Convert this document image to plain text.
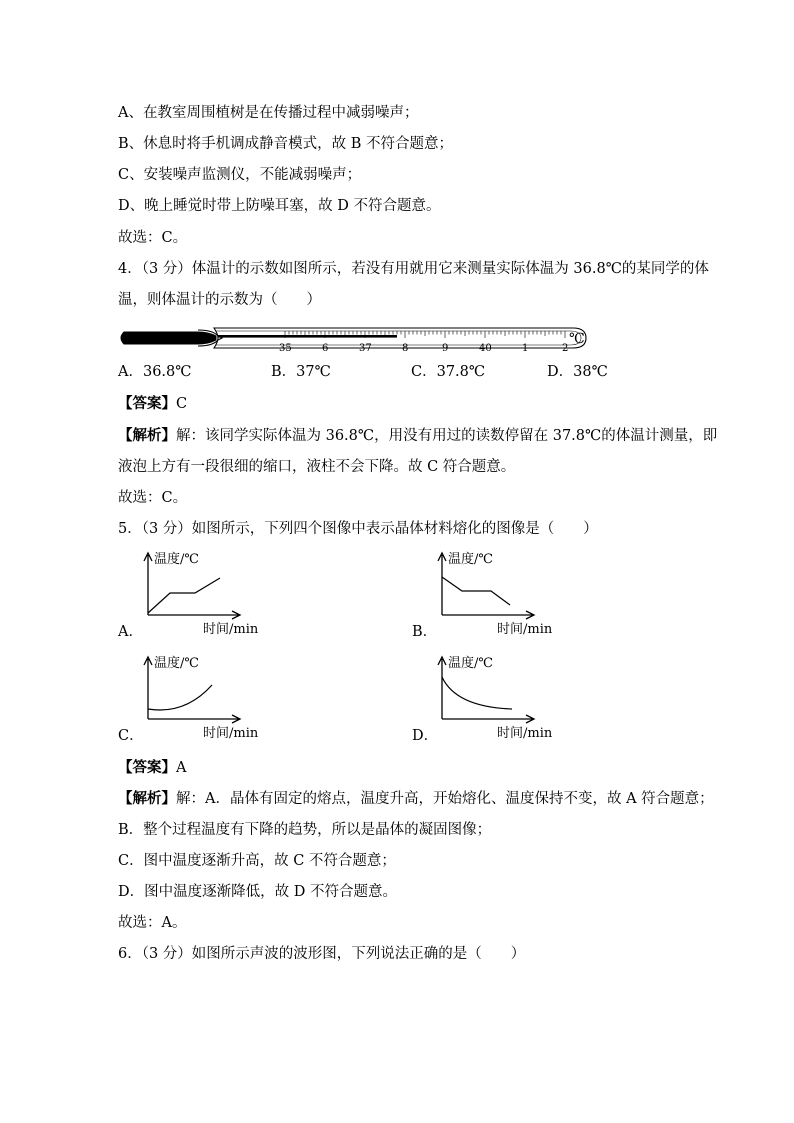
A、在教室周围植树是在传播过程中减弱噪声；
B、休息时将手机调成静音模式，故 B 不符合题意；
C、安装噪声监测仪，不能减弱噪声；
D、晚上睡觉时带上防噪耳塞，故 D 不符合题意。
故选：C。
4．（3 分）体温计的示数如图所示，若没有用就用它来测量实际体温为 36.8℃的某同学的体
温，则体温计的示数为（　　）
35	6	37	8	9	40	1	2
℃
A．36.8℃	B．37℃	C．37.8℃	D．38℃
【答案】C
【解析】解：该同学实际体温为 36.8℃，用没有用过的读数停留在 37.8℃的体温计测量，即
液泡上方有一段很细的缩口，液柱不会下降。故 C 符合题意。
故选：C。
5．（3 分）如图所示，下列四个图像中表示晶体材料熔化的图像是（　　）
A．
温度/℃
时间/min	B．
温度/℃
时间/min
C．
温度/℃
时间/min	D．
温度/℃
时间/min
【答案】A
【解析】解：A．晶体有固定的熔点，温度升高，开始熔化、温度保持不变，故 A 符合题意；
B．整个过程温度有下降的趋势，所以是晶体的凝固图像；
C．图中温度逐渐升高，故 C 不符合题意；
D．图中温度逐渐降低，故 D 不符合题意。
故选：A。
6．（3 分）如图所示声波的波形图，下列说法正确的是（　　）
